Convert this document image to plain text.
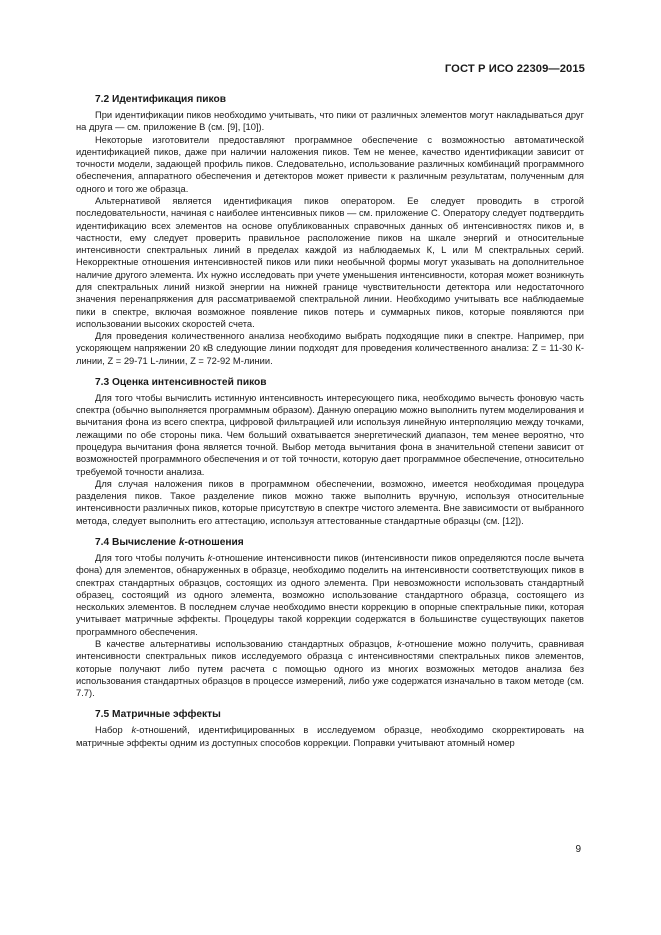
ГОСТ Р ИСО 22309—2015
7.2 Идентификация пиков

При идентификации пиков необходимо учитывать, что пики от различных элементов могут накладываться друг на друга — см. приложение В (см. [9], [10]).

Некоторые изготовители предоставляют программное обеспечение с возможностью автоматической идентификацией пиков, даже при наличии наложения пиков. Тем не менее, качество идентификации зависит от точности модели, задающей профиль пиков. Следовательно, использование различных комбинаций программного обеспечения, аппаратного обеспечения и детекторов может привести к различным результатам, полученным для одного и того же образца.

Альтернативой является идентификация пиков оператором. Ее следует проводить в строгой последовательности, начиная с наиболее интенсивных пиков — см. приложение С. Оператору следует подтвердить идентификацию всех элементов на основе опубликованных справочных данных об интенсивностях пиков и, в частности, ему следует проверить правильное расположение пиков на шкале энергий и относительные интенсивности спектральных линий в пределах каждой из наблюдаемых К, L или М спектральных серий. Некорректные отношения интенсивностей пиков или пики необычной формы могут указывать на дополнительное наличие другого элемента. Их нужно исследовать при учете уменьшения интенсивности, которая может возникнуть для спектральных линий низкой энергии на нижней границе чувствительности детектора или недостаточного значения перенапряжения для рассматриваемой спектральной линии. Необходимо учитывать все наблюдаемые пики в спектре, включая возможное появление пиков потерь и суммарных пиков, которые появляются при использовании высоких скоростей счета.

Для проведения количественного анализа необходимо выбрать подходящие пики в спектре. Например, при ускоряющем напряжении 20 кВ следующие линии подходят для проведения количественного анализа: Z = 11-30 К-линии, Z = 29-71 L-линии, Z = 72-92 М-линии.

7.3 Оценка интенсивностей пиков

Для того чтобы вычислить истинную интенсивность интересующего пика, необходимо вычесть фоновую часть спектра (обычно выполняется программным образом). Данную операцию можно выполнить путем моделирования и вычитания фона из всего спектра, цифровой фильтрацией или используя линейную интерполяцию между точками, лежащими по обе стороны пика. Чем больший охватывается энергетический диапазон, тем менее вероятно, что процедура вычитания фона является точной. Выбор метода вычитания фона в значительной степени зависит от возможностей программного обеспечения и от той точности, которую дает программное обеспечение, относительно требуемой точности анализа.

Для случая наложения пиков в программном обеспечении, возможно, имеется необходимая процедура разделения пиков. Такое разделение пиков можно также выполнить вручную, используя относительные интенсивности различных пиков, которые присутствую в спектре чистого элемента. Вне зависимости от выбранного метода, следует выполнить его аттестацию, используя аттестованные стандартные образцы (см. [12]).

7.4 Вычисление k-отношения

Для того чтобы получить k-отношение интенсивности пиков (интенсивности пиков определяются после вычета фона) для элементов, обнаруженных в образце, необходимо поделить на интенсивности соответствующих пиков в спектрах стандартных образцов, состоящих из одного элемента. При невозможности использовать стандартный образец, состоящий из одного элемента, возможно использование стандартного образца, состоящего из нескольких элементов. В последнем случае необходимо внести коррекцию в опорные спектральные пики, которая учитывает матричные эффекты. Процедуры такой коррекции содержатся в большинстве существующих пакетов программного обеспечения.

В качестве альтернативы использованию стандартных образцов, k-отношение можно получить, сравнивая интенсивности спектральных пиков исследуемого образца с интенсивностями спектральных пиков элементов, которые получают либо путем расчета с помощью одного из многих возможных методов анализа без использования стандартных образцов в процессе измерений, либо уже содержатся изначально в таком методе (см. 7.7).

7.5 Матричные эффекты

Набор k-отношений, идентифицированных в исследуемом образце, необходимо скорректировать на матричные эффекты одним из доступных способов коррекции. Поправки учитывают атомный номер

9
